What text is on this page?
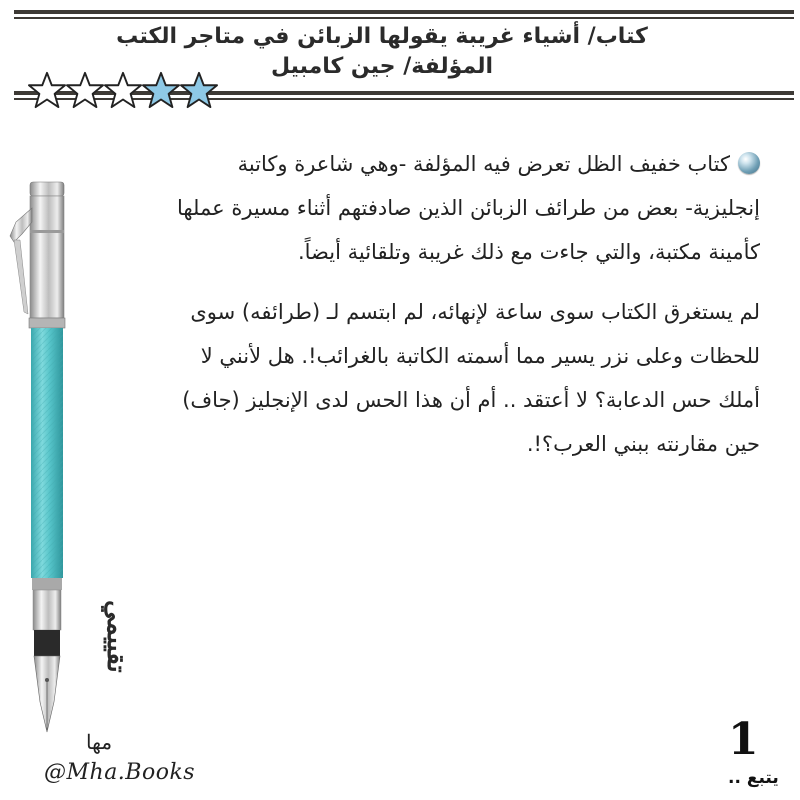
كتاب/ أشياء غريبة يقولها الزبائن في متاجر الكتب
المؤلفة/ جين كامبيل

كتاب خفيف الظل تعرض فيه المؤلفة -وهي شاعرة وكاتبة إنجليزية- بعض من طرائف الزبائن الذين صادفتهم أثناء مسيرة عملها كأمينة مكتبة، والتي جاءت مع ذلك غريبة وتلقائية أيضاً.

لم يستغرق الكتاب سوى ساعة لإنهائه، لم ابتسم لـ (طرائفه) سوى للحظات وعلى نزر يسير مما أسمته الكاتبة بالغرائب!. هل لأنني لا أملك حس الدعابة؟ لا أعتقد .. أم أن هذا الحس لدى الإنجليز (جاف) حين مقارنته ببني العرب؟!.

تقييمي
مها
@Mha.Books
1
يتبع ..
